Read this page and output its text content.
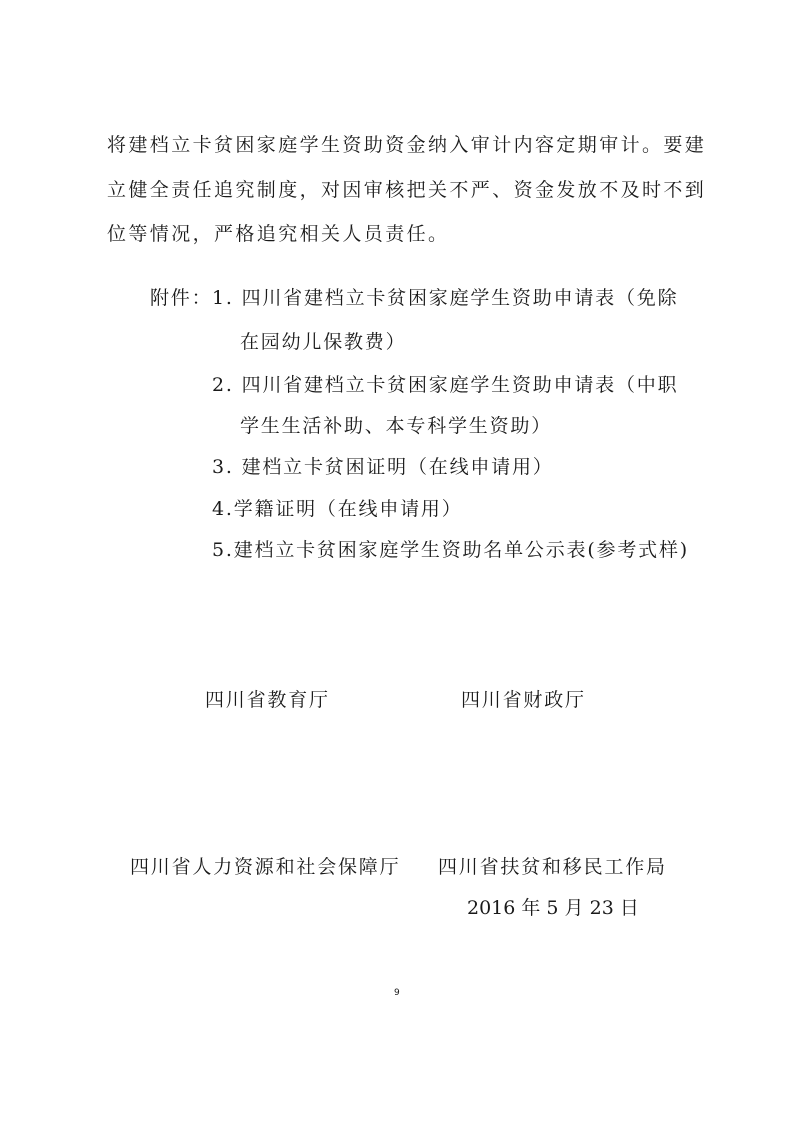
将建档立卡贫困家庭学生资助资金纳入审计内容定期审计。要建
立健全责任追究制度，对因审核把关不严、资金发放不及时不到
位等情况，严格追究相关人员责任。
附件： 1. 四川省建档立卡贫困家庭学生资助申请表（免除
在园幼儿保教费）
2. 四川省建档立卡贫困家庭学生资助申请表（中职
学生生活补助、本专科学生资助）
3. 建档立卡贫困证明（在线申请用）
4.学籍证明（在线申请用）
5.建档立卡贫困家庭学生资助名单公示表(参考式样)
四川省教育厅	四川省财政厅
四川省人力资源和社会保障厅 四川省扶贫和移民工作局
2016 年 5 月 23 日
9
